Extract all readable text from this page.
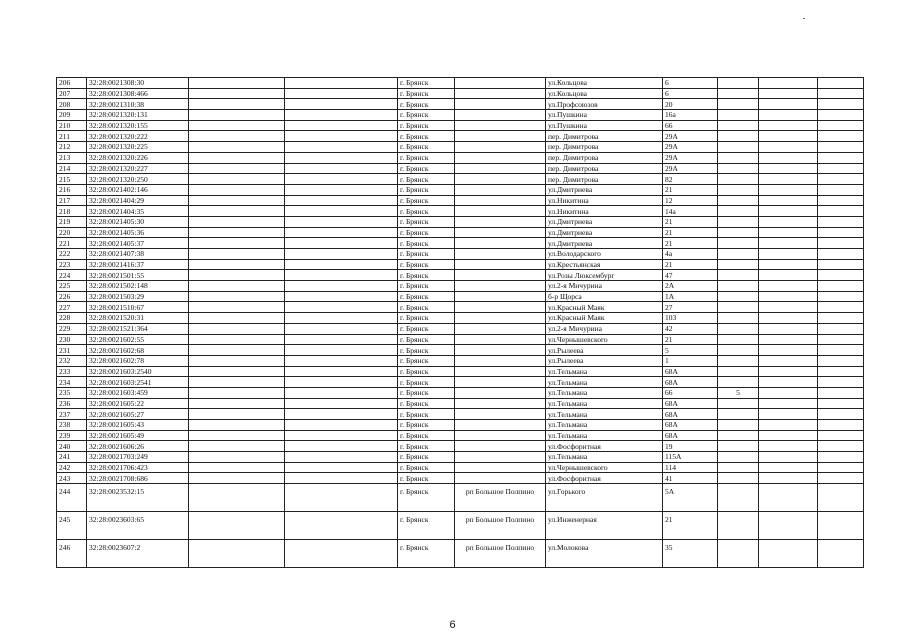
206	32:28:0021308:30			г. Брянск		ул.Кольцова	6			
207	32:28:0021308:466			г. Брянск		ул.Кольцова	6			
208	32:28:0021310:38			г. Брянск		ул.Профсоюзов	20			
209	32:28:0021320:131			г. Брянск		ул.Пушкина	16а			
210	32:28:0021320:155			г. Брянск		ул.Пушкина	66			
211	32:28:0021320:222			г. Брянск		пер. Димитрова	29А			
212	32:28:0021320:225			г. Брянск		пер. Димитрова	29А			
213	32:28:0021320:226			г. Брянск		пер. Димитрова	29А			
214	32:28:0021320:227			г. Брянск		пер. Димитрова	29А			
215	32:28:0021320:250			г. Брянск		пер. Димитрова	82			
216	32:28:0021402:146			г. Брянск		ул.Дмитриева	21			
217	32:28:0021404:29			г. Брянск		ул.Никитина	12			
218	32:28:0021404:35			г. Брянск		ул.Никитина	14а			
219	32:28:0021405:30			г. Брянск		ул.Дмитриева	21			
220	32:28:0021405:36			г. Брянск		ул.Дмитриева	21			
221	32:28:0021405:37			г. Брянск		ул.Дмитриева	21			
222	32:28:0021407:38			г. Брянск		ул.Володарского	4а			
223	32:28:0021416:37			г. Брянск		ул.Крестьянская	21			
224	32:28:0021501:55			г. Брянск		ул.Розы Люксембург	47			
225	32:28:0021502:148			г. Брянск		ул.2-я Мичурина	2А			
226	32:28:0021503:29			г. Брянск		б-р Щорса	1А			
227	32:28:0021510:67			г. Брянск		ул.Красный Маяк	27			
228	32:28:0021520:31			г. Брянск		ул.Красный Маяк	103			
229	32:28:0021521:364			г. Брянск		ул.2-я Мичурина	42			
230	32:28:0021602:55			г. Брянск		ул.Чернышевского	21			
231	32:28:0021602:68			г. Брянск		ул.Рылеева	5			
232	32:28:0021602:78			г. Брянск		ул.Рылеева	1			
233	32:28:0021603:2540			г. Брянск		ул.Тельмана	68А			
234	32:28:0021603:2541			г. Брянск		ул.Тельмана	68А			
235	32:28:0021603:459			г. Брянск		ул.Тельмана	66	5		
236	32:28:0021605:22			г. Брянск		ул.Тельмана	68А			
237	32:28:0021605:27			г. Брянск		ул.Тельмана	68А			
238	32:28:0021605:43			г. Брянск		ул.Тельмана	68А			
239	32:28:0021605:49			г. Брянск		ул.Тельмана	68А			
240	32:28:0021606:26			г. Брянск		ул.Фосфоритная	19			
241	32:28:0021703:249			г. Брянск		ул.Тельмана	115А			
242	32:28:0021706:423			г. Брянск		ул.Чернышевского	114			
243	32:28:0021708:686			г. Брянск		ул.Фосфоритная	41			
244	32:28:0023532:15			г. Брянск	рп Большое Полпино	ул.Горького	5А			
245	32:28:0023603:65			г. Брянск	рп Большое Полпино	ул.Инженерная	21			
246	32:28:0023607:2			г. Брянск	рп Большое Полпино	ул.Молокова	35			
6
